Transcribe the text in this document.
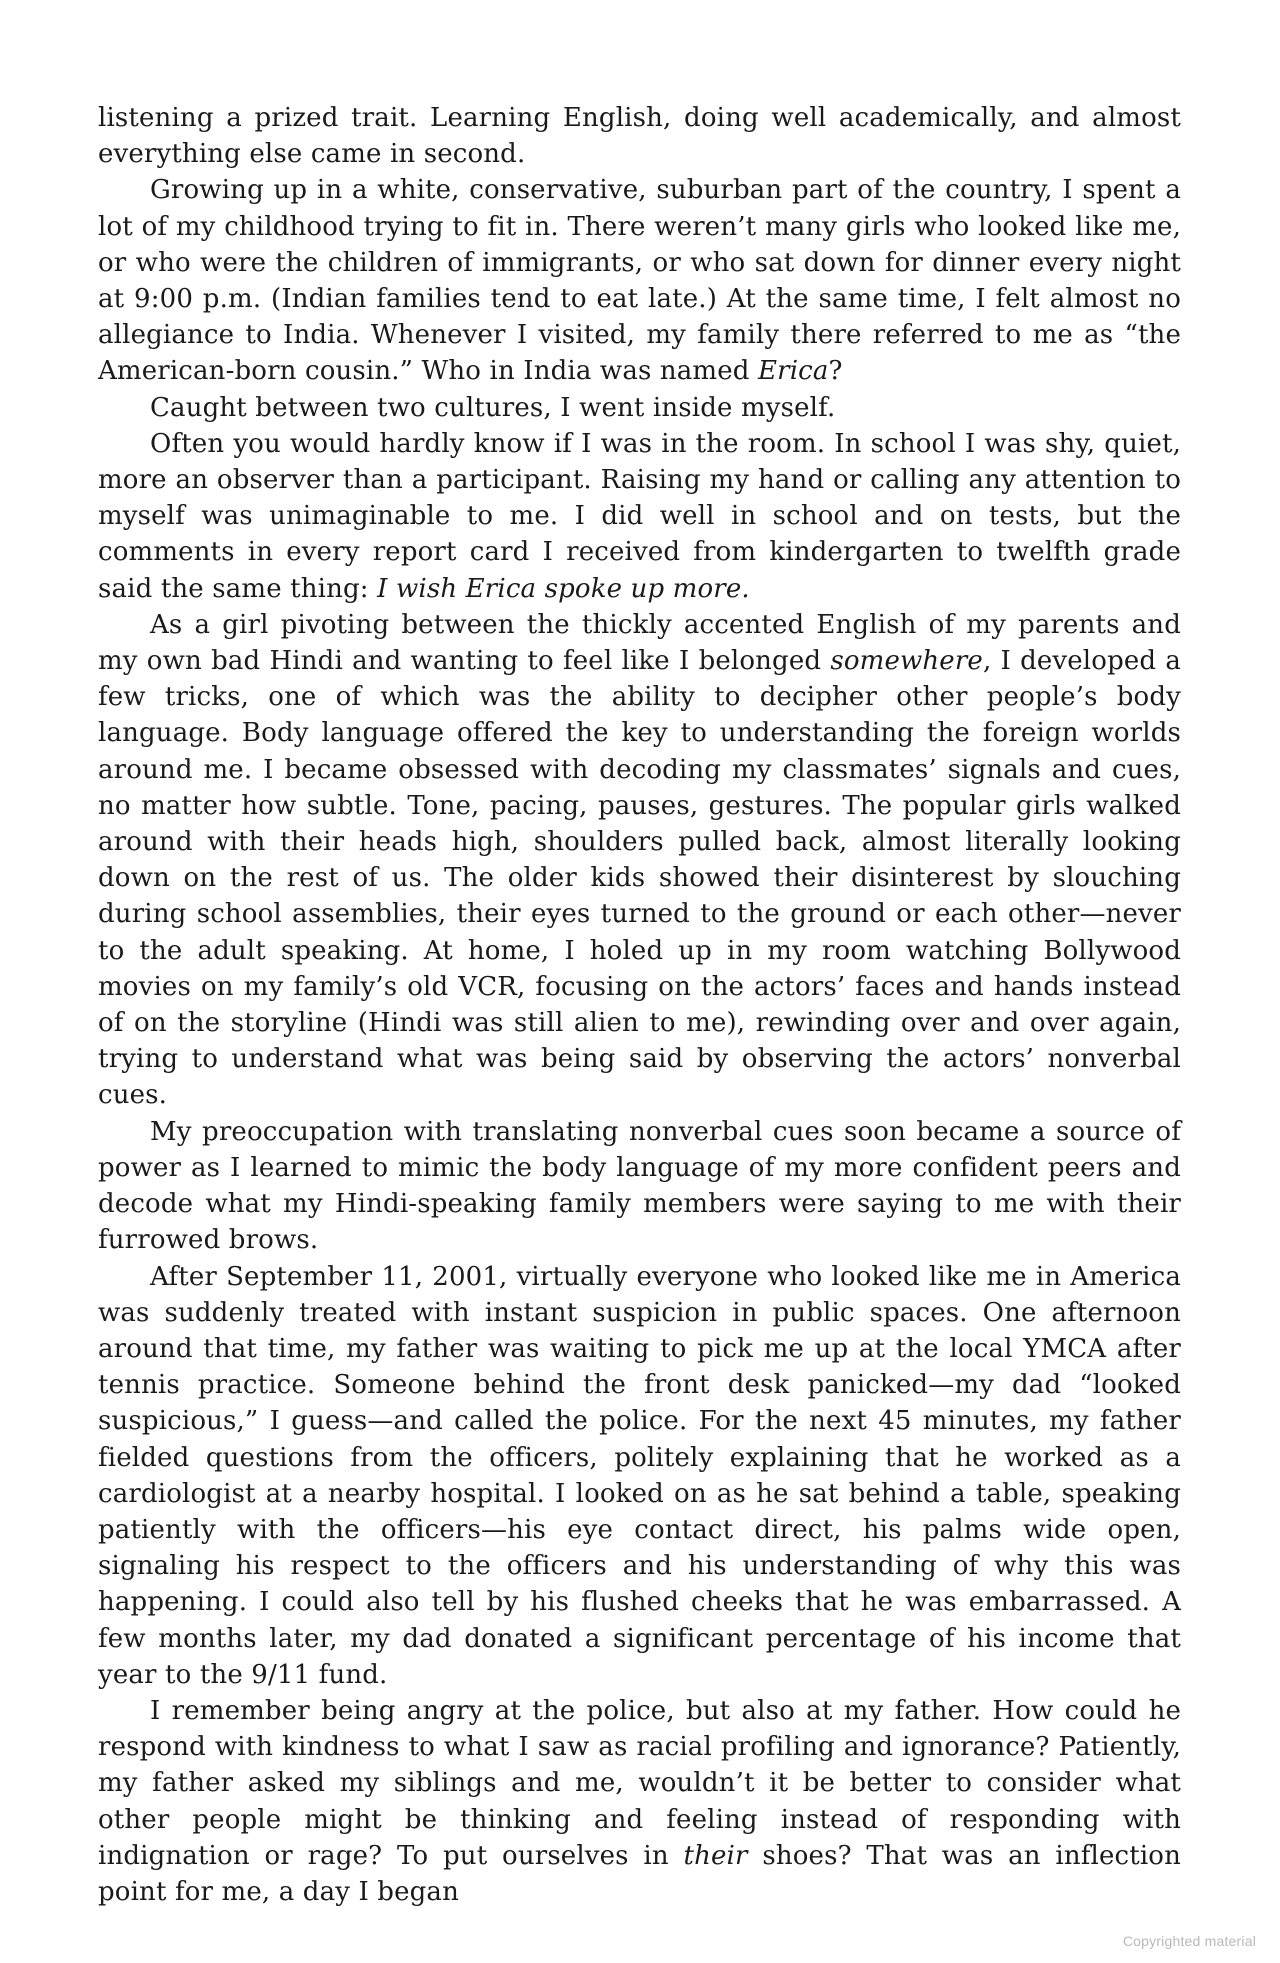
listening a prized trait. Learning English, doing well academically, and almost everything else came in second.

Growing up in a white, conservative, suburban part of the country, I spent a lot of my childhood trying to fit in. There weren’t many girls who looked like me, or who were the children of immigrants, or who sat down for dinner every night at 9:00 p.m. (Indian families tend to eat late.) At the same time, I felt almost no allegiance to India. Whenever I visited, my family there referred to me as “the American-born cousin.” Who in India was named Erica?

Caught between two cultures, I went inside myself.

Often you would hardly know if I was in the room. In school I was shy, quiet, more an observer than a participant. Raising my hand or calling any attention to myself was unimaginable to me. I did well in school and on tests, but the comments in every report card I received from kindergarten to twelfth grade said the same thing: I wish Erica spoke up more.

As a girl pivoting between the thickly accented English of my parents and my own bad Hindi and wanting to feel like I belonged somewhere, I developed a few tricks, one of which was the ability to decipher other people’s body language. Body language offered the key to understanding the foreign worlds around me. I became obsessed with decoding my classmates’ signals and cues, no matter how subtle. Tone, pacing, pauses, gestures. The popular girls walked around with their heads high, shoulders pulled back, almost literally looking down on the rest of us. The older kids showed their disinterest by slouching during school assemblies, their eyes turned to the ground or each other—never to the adult speaking. At home, I holed up in my room watching Bollywood movies on my family’s old VCR, focusing on the actors’ faces and hands instead of on the storyline (Hindi was still alien to me), rewinding over and over again, trying to understand what was being said by observing the actors’ nonverbal cues.

My preoccupation with translating nonverbal cues soon became a source of power as I learned to mimic the body language of my more confident peers and decode what my Hindi-speaking family members were saying to me with their furrowed brows.

After September 11, 2001, virtually everyone who looked like me in America was suddenly treated with instant suspicion in public spaces. One afternoon around that time, my father was waiting to pick me up at the local YMCA after tennis practice. Someone behind the front desk panicked—my dad “looked suspicious,” I guess—and called the police. For the next 45 minutes, my father fielded questions from the officers, politely explaining that he worked as a cardiologist at a nearby hospital. I looked on as he sat behind a table, speaking patiently with the officers—his eye contact direct, his palms wide open, signaling his respect to the officers and his understanding of why this was happening. I could also tell by his flushed cheeks that he was embarrassed. A few months later, my dad donated a significant percentage of his income that year to the 9/11 fund.

I remember being angry at the police, but also at my father. How could he respond with kindness to what I saw as racial profiling and ignorance? Patiently, my father asked my siblings and me, wouldn’t it be better to consider what other people might be thinking and feeling instead of responding with indignation or rage? To put ourselves in their shoes? That was an inflection point for me, a day I began

Copyrighted material
